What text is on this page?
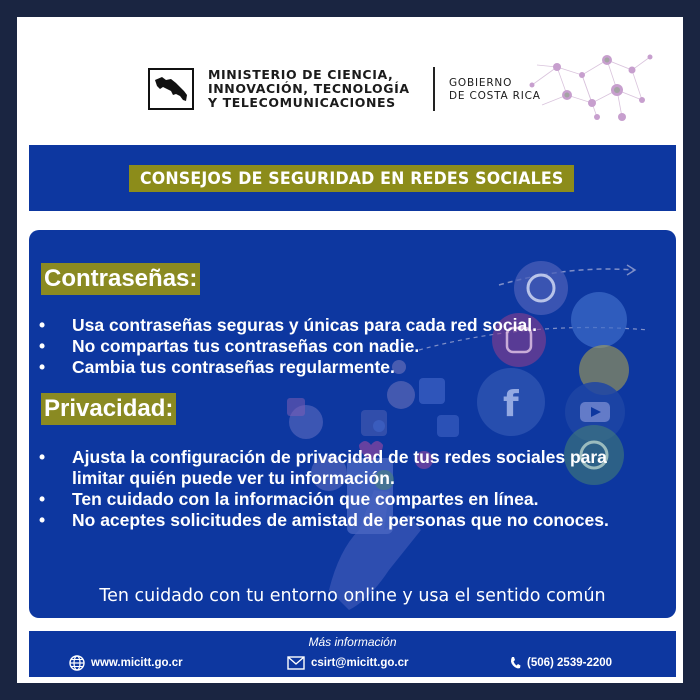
MINISTERIO DE CIENCIA,
INNOVACIÓN, TECNOLOGÍA
Y TELECOMUNICACIONES
GOBIERNO
DE COSTA RICA
CONSEJOS DE SEGURIDAD EN REDES SOCIALES
f
Contraseñas:
• Usa contraseñas seguras y únicas para cada red social.
• No compartas tus contraseñas con nadie.
• Cambia tus contraseñas regularmente.
Privacidad:
• Ajusta la configuración de privacidad de tus redes sociales para limitar quién puede ver tu información.
• Ten cuidado con la información que compartes en línea.
• No aceptes solicitudes de amistad de personas que no conoces.
Ten cuidado con tu entorno online y usa el sentido común
Más información
www.micitt.go.cr	csirt@micitt.go.cr	(506) 2539-2200
